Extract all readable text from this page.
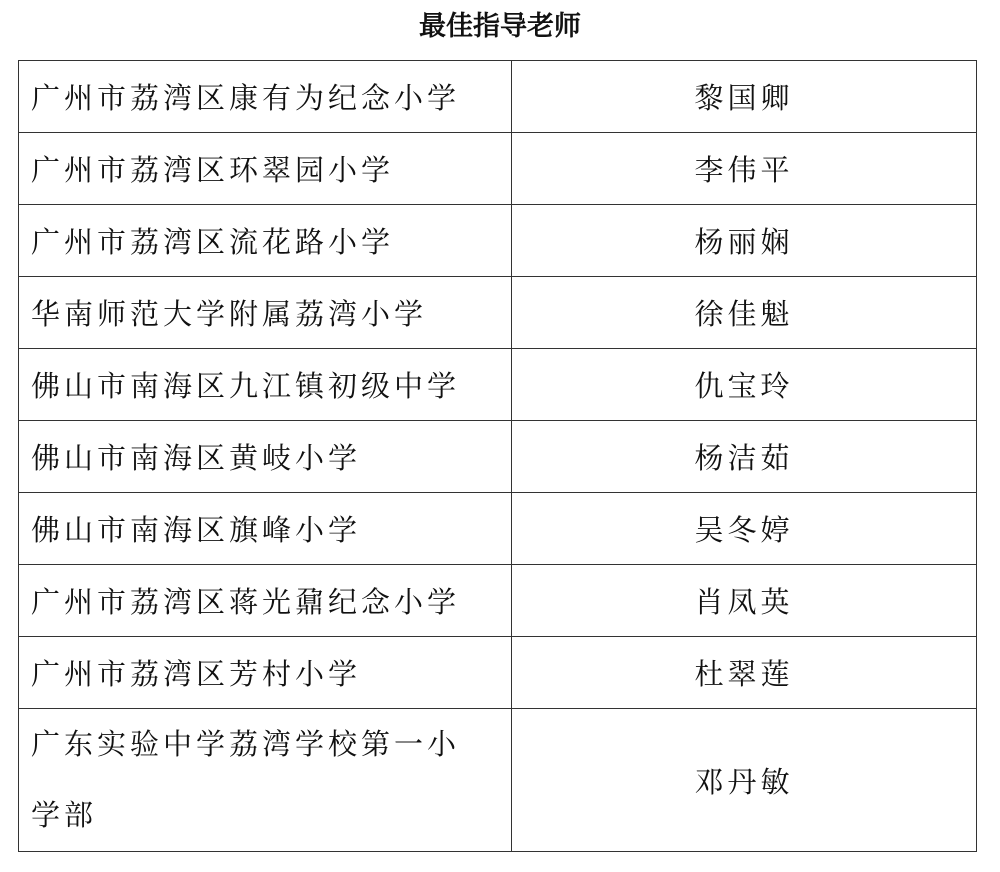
最佳指导老师
广州市荔湾区康有为纪念小学	黎国卿
广州市荔湾区环翠园小学	李伟平
广州市荔湾区流花路小学	杨丽娴
华南师范大学附属荔湾小学	徐佳魁
佛山市南海区九江镇初级中学	仇宝玲
佛山市南海区黄岐小学	杨洁茹
佛山市南海区旗峰小学	吴冬婷
广州市荔湾区蒋光鼐纪念小学	肖凤英
广州市荔湾区芳村小学	杜翠莲

广东实验中学荔湾学校第一小学部	邓丹敏
